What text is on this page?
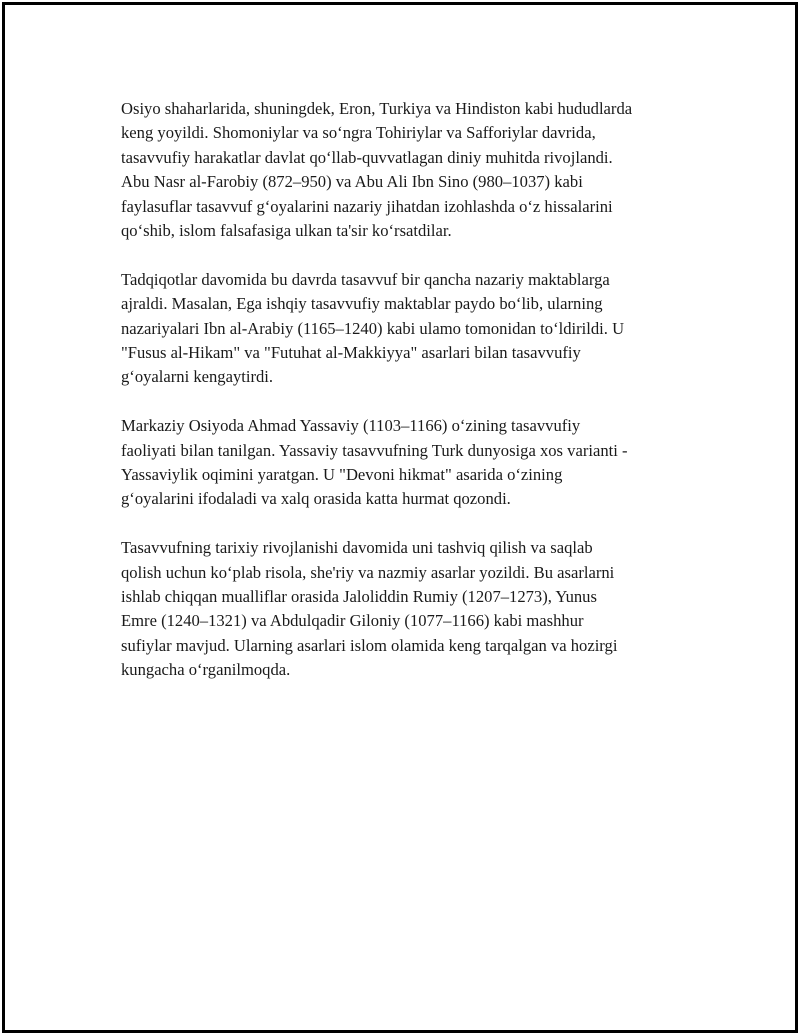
Osiyo shaharlarida, shuningdek, Eron, Turkiya va Hindiston kabi hududlarda
keng yoyildi. Shomoniylar va so‘ngra Tohiriylar va Safforiylar davrida,
tasavvufiy harakatlar davlat qo‘llab-quvvatlagan diniy muhitda rivojlandi.
Abu Nasr al-Farobiy (872–950) va Abu Ali Ibn Sino (980–1037) kabi
faylasuflar tasavvuf g‘oyalarini nazariy jihatdan izohlashda o‘z hissalarini
qo‘shib, islom falsafasiga ulkan ta'sir ko‘rsatdilar.

Tadqiqotlar davomida bu davrda tasavvuf bir qancha nazariy maktablarga
ajraldi. Masalan, Ega ishqiy tasavvufiy maktablar paydo bo‘lib, ularning
nazariyalari Ibn al-Arabiy (1165–1240) kabi ulamo tomonidan to‘ldirildi. U
"Fusus al-Hikam" va "Futuhat al-Makkiyya" asarlari bilan tasavvufiy
g‘oyalarni kengaytirdi.

Markaziy Osiyoda Ahmad Yassaviy (1103–1166) o‘zining tasavvufiy
faoliyati bilan tanilgan. Yassaviy tasavvufning Turk dunyosiga xos varianti -
Yassaviylik oqimini yaratgan. U "Devoni hikmat" asarida o‘zining
g‘oyalarini ifodaladi va xalq orasida katta hurmat qozondi.

Tasavvufning tarixiy rivojlanishi davomida uni tashviq qilish va saqlab
qolish uchun ko‘plab risola, she'riy va nazmiy asarlar yozildi. Bu asarlarni
ishlab chiqqan mualliflar orasida Jaloliddin Rumiy (1207–1273), Yunus
Emre (1240–1321) va Abdulqadir Giloniy (1077–1166) kabi mashhur
sufiylar mavjud. Ularning asarlari islom olamida keng tarqalgan va hozirgi
kungacha o‘rganilmoqda.
